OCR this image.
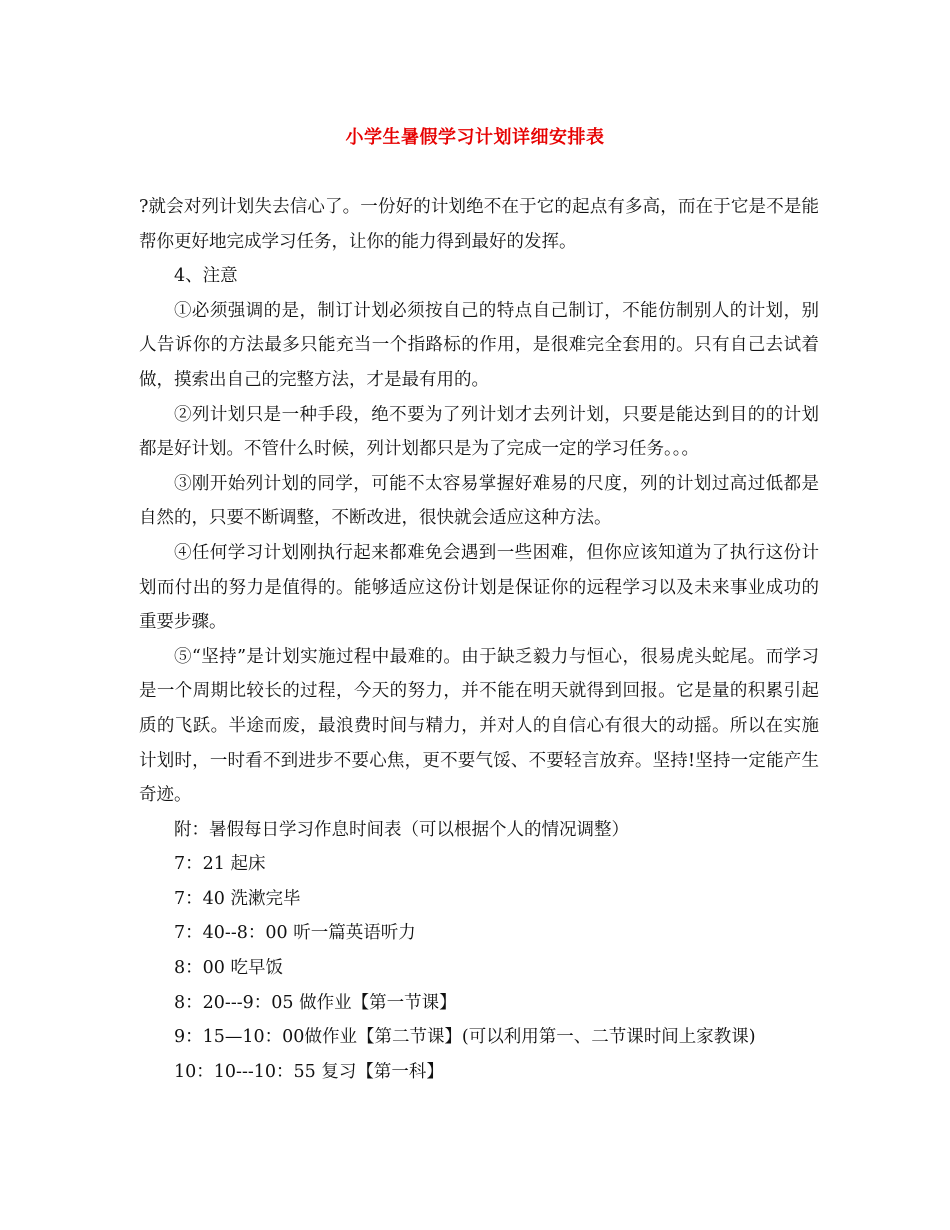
小学生暑假学习计划详细安排表

?就会对列计划失去信心了。一份好的计划绝不在于它的起点有多高，而在于它是不是能帮你更好地完成学习任务，让你的能力得到最好的发挥。

4、注意

①必须强调的是，制订计划必须按自己的特点自己制订，不能仿制别人的计划，别人告诉你的方法最多只能充当一个指路标的作用，是很难完全套用的。只有自己去试着做，摸索出自己的完整方法，才是最有用的。

②列计划只是一种手段，绝不要为了列计划才去列计划，只要是能达到目的的计划都是好计划。不管什么时候，列计划都只是为了完成一定的学习任务。。。

③刚开始列计划的同学，可能不太容易掌握好难易的尺度，列的计划过高过低都是自然的，只要不断调整，不断改进，很快就会适应这种方法。

④任何学习计划刚执行起来都难免会遇到一些困难，但你应该知道为了执行这份计划而付出的努力是值得的。能够适应这份计划是保证你的远程学习以及未来事业成功的重要步骤。

⑤“坚持”是计划实施过程中最难的。由于缺乏毅力与恒心，很易虎头蛇尾。而学习是一个周期比较长的过程，今天的努力，并不能在明天就得到回报。它是量的积累引起质的飞跃。半途而废，最浪费时间与精力，并对人的自信心有很大的动摇。所以在实施计划时，一时看不到进步不要心焦，更不要气馁、不要轻言放弃。坚持!坚持一定能产生奇迹。

附：暑假每日学习作息时间表（可以根据个人的情况调整）

7：21 起床

7：40 洗漱完毕

7：40--8：00 听一篇英语听力

8：00 吃早饭

8：20---9：05 做作业【第一节课】

9：15—10：00做作业【第二节课】(可以利用第一、二节课时间上家教课)

10：10---10：55 复习【第一科】
